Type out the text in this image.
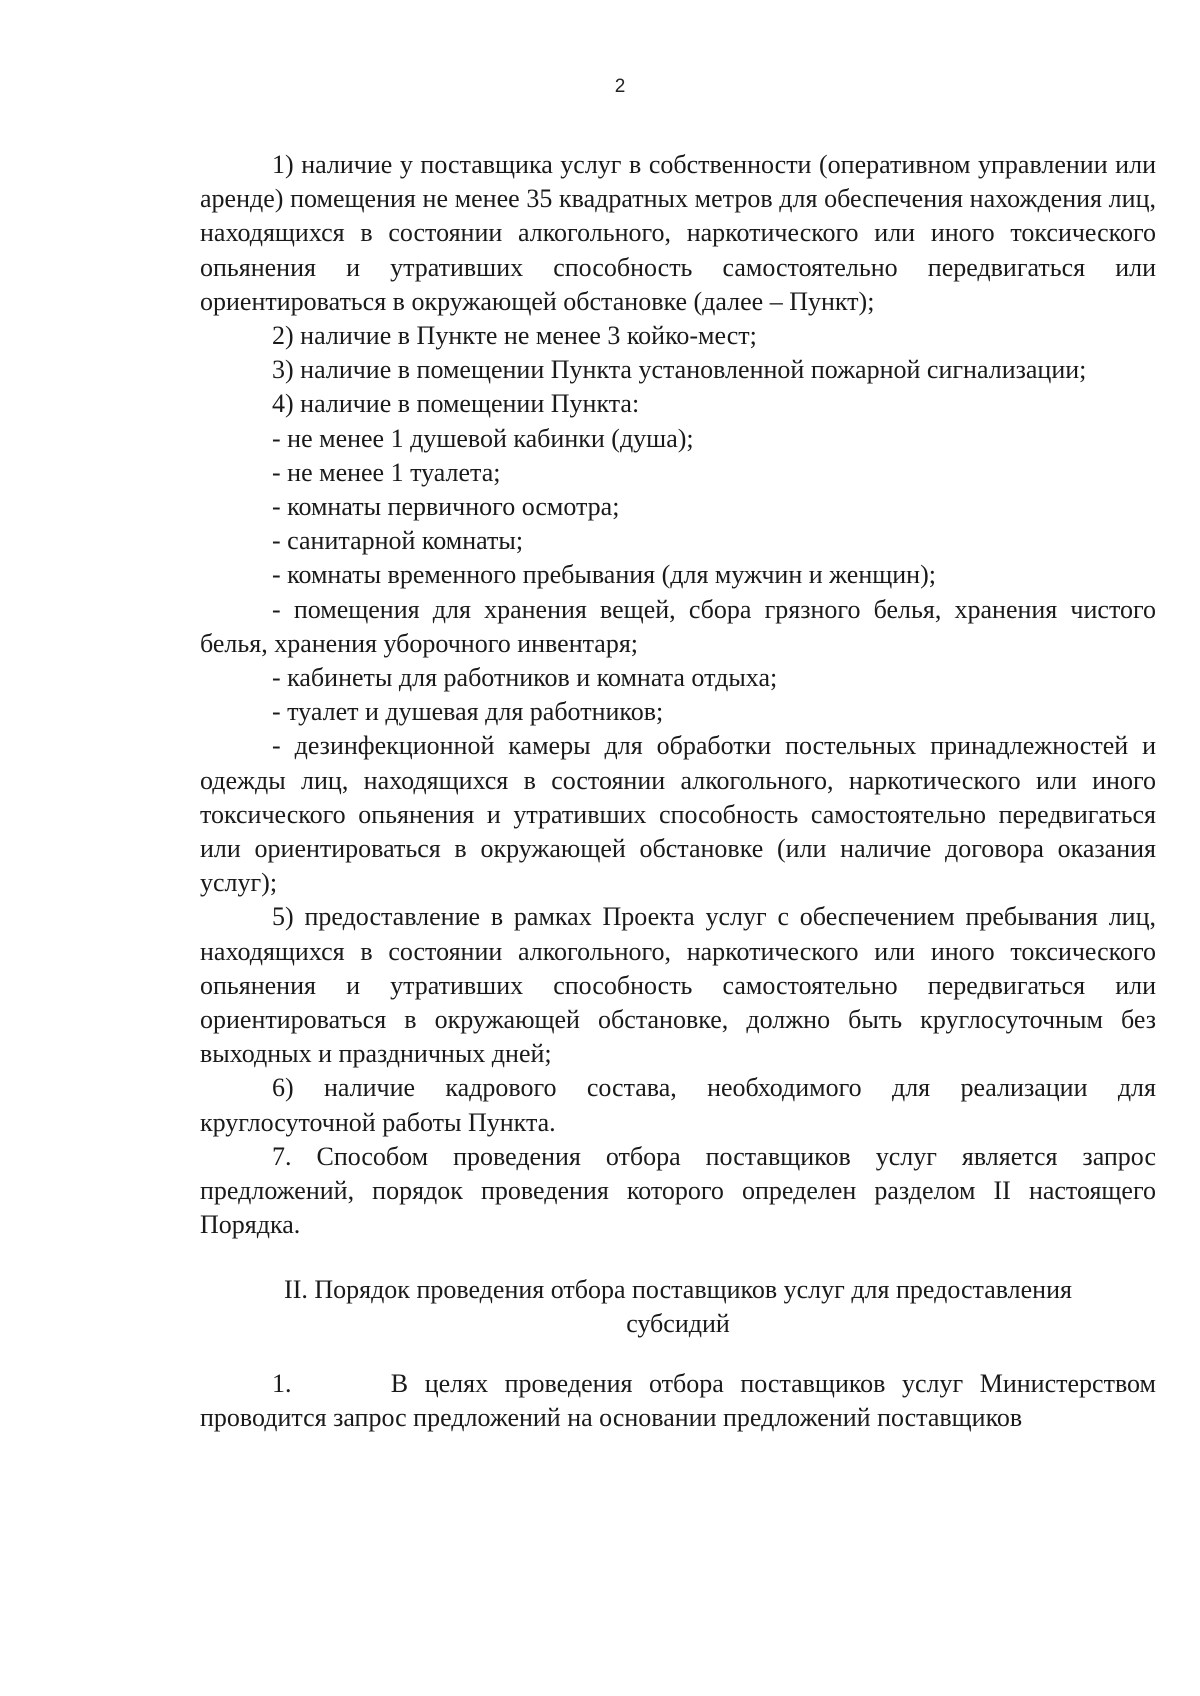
2

1) наличие у поставщика услуг в собственности (оперативном управлении или аренде) помещения не менее 35 квадратных метров для обеспечения нахождения лиц, находящихся в состоянии алкогольного, наркотического или иного токсического опьянения и утративших способность самостоятельно передвигаться или ориентироваться в окружающей обстановке (далее – Пункт);

2) наличие в Пункте не менее 3 койко-мест;

3) наличие в помещении Пункта установленной пожарной сигнализации;

4) наличие в помещении Пункта:

- не менее 1 душевой кабинки (душа);

- не менее 1 туалета;

- комнаты первичного осмотра;

- санитарной комнаты;

- комнаты временного пребывания (для мужчин и женщин);

- помещения для хранения вещей, сбора грязного белья, хранения чистого белья, хранения уборочного инвентаря;

- кабинеты для работников и комната отдыха;

- туалет и душевая для работников;

- дезинфекционной камеры для обработки постельных принадлежностей и одежды лиц, находящихся в состоянии алкогольного, наркотического или иного токсического опьянения и утративших способность самостоятельно передвигаться или ориентироваться в окружающей обстановке (или наличие договора оказания услуг);

5) предоставление в рамках Проекта услуг с обеспечением пребывания лиц, находящихся в состоянии алкогольного, наркотического или иного токсического опьянения и утративших способность самостоятельно передвигаться или ориентироваться в окружающей обстановке, должно быть круглосуточным без выходных и праздничных дней;

6) наличие кадрового состава, необходимого для реализации для круглосуточной работы Пункта.

7. Способом проведения отбора поставщиков услуг является запрос предложений, порядок проведения которого определен разделом II настоящего Порядка.

II. Порядок проведения отбора поставщиков услуг для предоставления
субсидий

1.      В целях проведения отбора поставщиков услуг Министерством проводится запрос предложений на основании предложений поставщиков
